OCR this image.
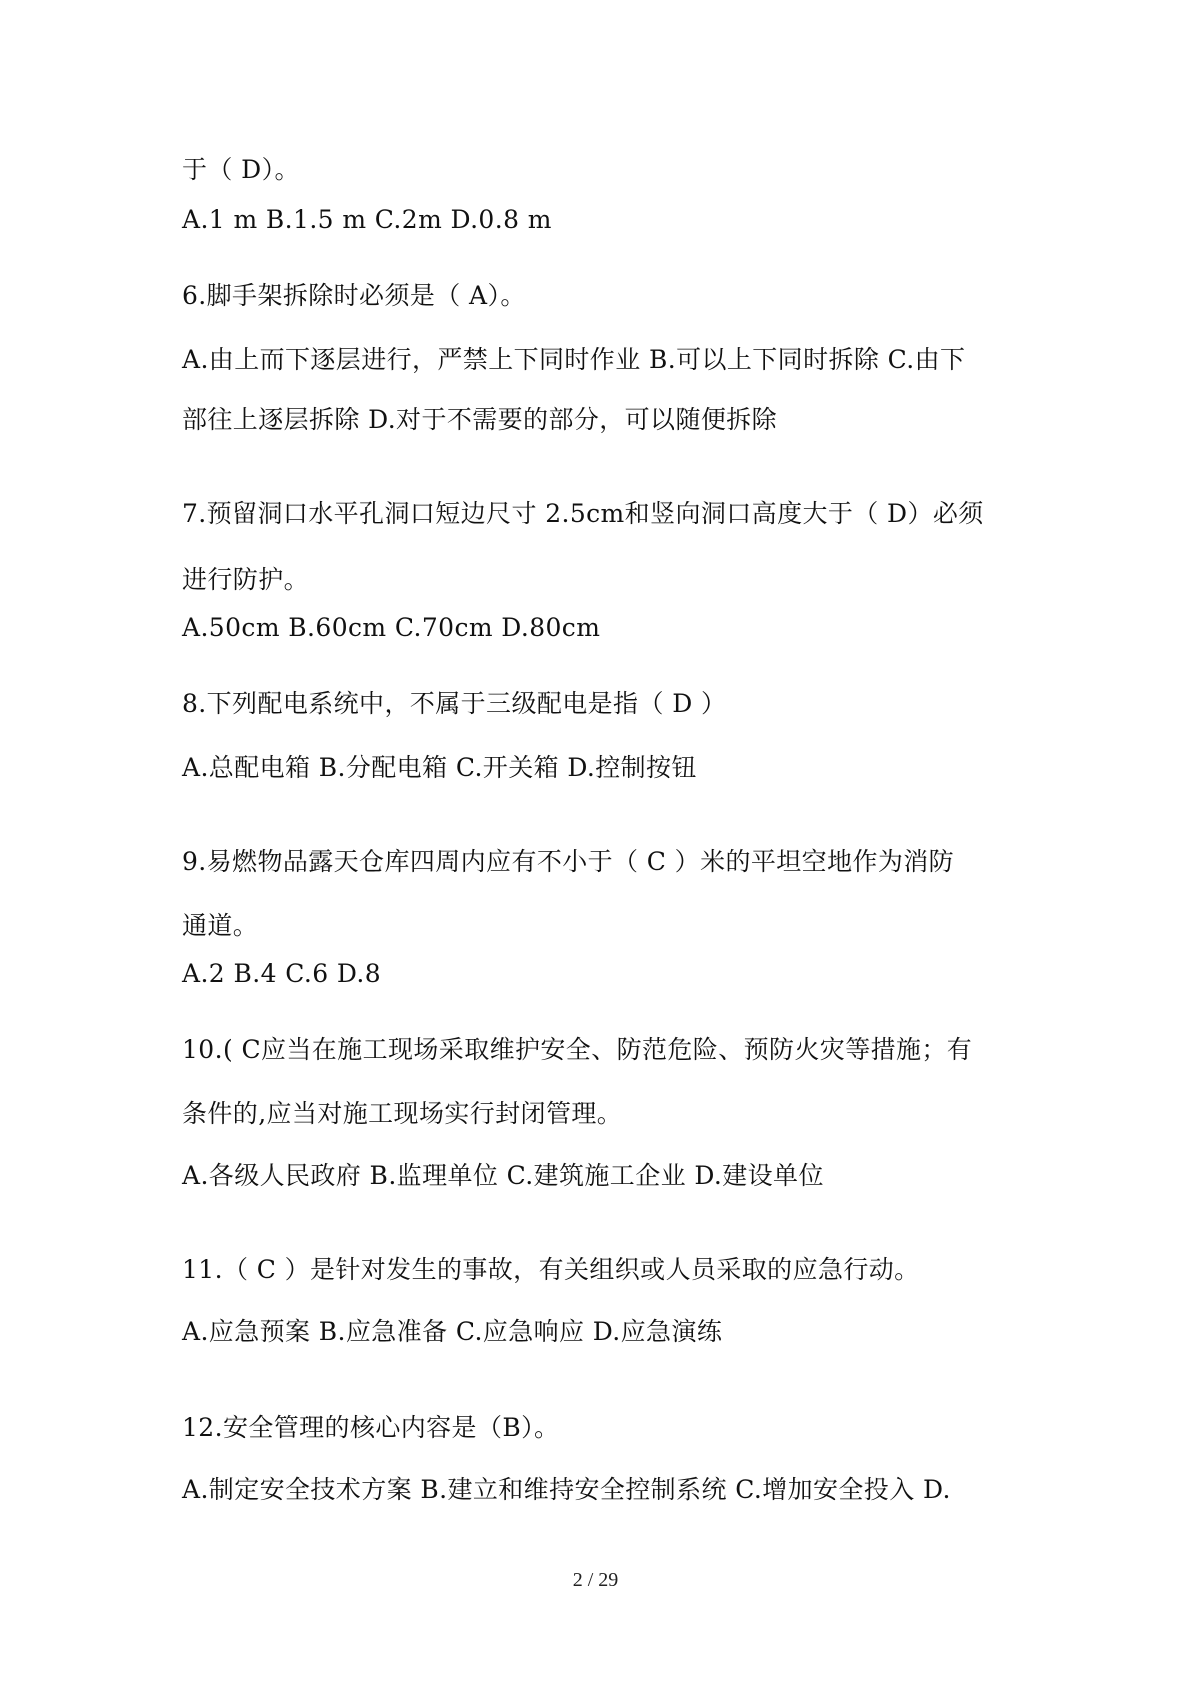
于（ D）。
A.1 m B.1.5 m C.2m D.0.8 m
6.脚手架拆除时必须是（ A）。
A.由上而下逐层进行，严禁上下同时作业 B.可以上下同时拆除 C.由下
部往上逐层拆除 D.对于不需要的部分，可以随便拆除
7.预留洞口水平孔洞口短边尺寸 2.5cm和竖向洞口高度大于（ D）必须
进行防护。
A.50cm B.60cm C.70cm D.80cm
8.下列配电系统中，不属于三级配电是指（ D ）
A.总配电箱 B.分配电箱 C.开关箱 D.控制按钮
9.易燃物品露天仓库四周内应有不小于（ C ）米的平坦空地作为消防
通道。
A.2 B.4 C.6 D.8
10.( C应当在施工现场采取维护安全、防范危险、预防火灾等措施；有
条件的,应当对施工现场实行封闭管理。
A.各级人民政府 B.监理单位 C.建筑施工企业 D.建设单位
11.（ C ）是针对发生的事故，有关组织或人员采取的应急行动。
A.应急预案 B.应急准备 C.应急响应 D.应急演练
12.安全管理的核心内容是（B）。
A.制定安全技术方案 B.建立和维持安全控制系统 C.增加安全投入 D.
2 / 29
